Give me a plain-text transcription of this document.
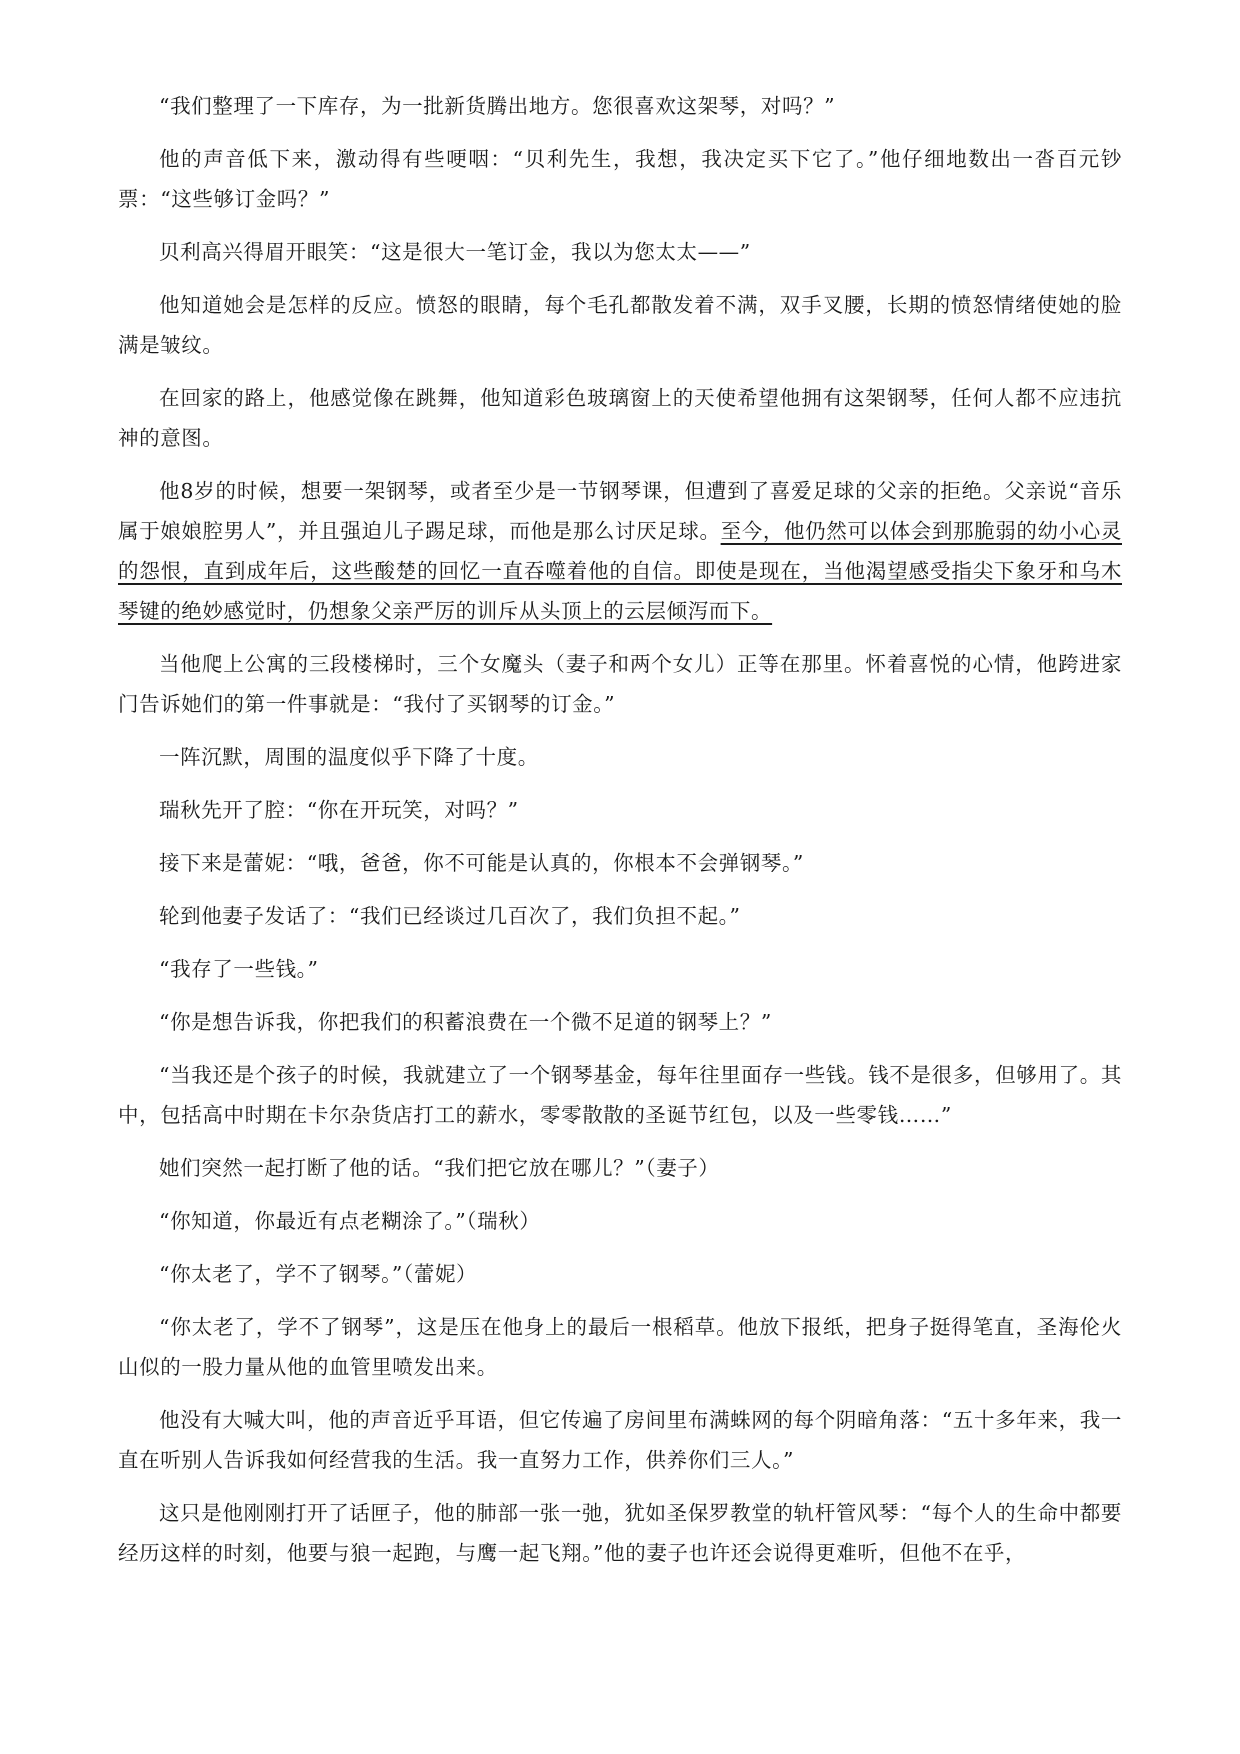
“我们整理了一下库存，为一批新货腾出地方。您很喜欢这架琴，对吗？”

他的声音低下来，激动得有些哽咽：“贝利先生，我想，我决定买下它了。”他仔细地数出一沓百元钞票：“这些够订金吗？”

贝利高兴得眉开眼笑：“这是很大一笔订金，我以为您太太——”

他知道她会是怎样的反应。愤怒的眼睛，每个毛孔都散发着不满，双手叉腰，长期的愤怒情绪使她的脸满是皱纹。

在回家的路上，他感觉像在跳舞，他知道彩色玻璃窗上的天使希望他拥有这架钢琴，任何人都不应违抗神的意图。

他8岁的时候，想要一架钢琴，或者至少是一节钢琴课，但遭到了喜爱足球的父亲的拒绝。父亲说“音乐属于娘娘腔男人”，并且强迫儿子踢足球，而他是那么讨厌足球。至今，他仍然可以体会到那脆弱的幼小心灵的怨恨，直到成年后，这些酸楚的回忆一直吞噬着他的自信。即使是现在，当他渴望感受指尖下象牙和乌木琴键的绝妙感觉时，仍想象父亲严厉的训斥从头顶上的云层倾泻而下。

当他爬上公寓的三段楼梯时，三个女魔头（妻子和两个女儿）正等在那里。怀着喜悦的心情，他跨进家门告诉她们的第一件事就是：“我付了买钢琴的订金。”

一阵沉默，周围的温度似乎下降了十度。

瑞秋先开了腔：“你在开玩笑，对吗？”

接下来是蕾妮：“哦，爸爸，你不可能是认真的，你根本不会弹钢琴。”

轮到他妻子发话了：“我们已经谈过几百次了，我们负担不起。”

“我存了一些钱。”

“你是想告诉我，你把我们的积蓄浪费在一个微不足道的钢琴上？”

“当我还是个孩子的时候，我就建立了一个钢琴基金，每年往里面存一些钱。钱不是很多，但够用了。其中，包括高中时期在卡尔杂货店打工的薪水，零零散散的圣诞节红包，以及一些零钱……”

她们突然一起打断了他的话。“我们把它放在哪儿？”（妻子）

“你知道，你最近有点老糊涂了。”（瑞秋）

“你太老了，学不了钢琴。”（蕾妮）

“你太老了，学不了钢琴”，这是压在他身上的最后一根稻草。他放下报纸，把身子挺得笔直，圣海伦火山似的一股力量从他的血管里喷发出来。

他没有大喊大叫，他的声音近乎耳语，但它传遍了房间里布满蛛网的每个阴暗角落：“五十多年来，我一直在听别人告诉我如何经营我的生活。我一直努力工作，供养你们三人。”

这只是他刚刚打开了话匣子，他的肺部一张一弛，犹如圣保罗教堂的轨杆管风琴：“每个人的生命中都要经历这样的时刻，他要与狼一起跑，与鹰一起飞翔。”他的妻子也许还会说得更难听，但他不在乎，
